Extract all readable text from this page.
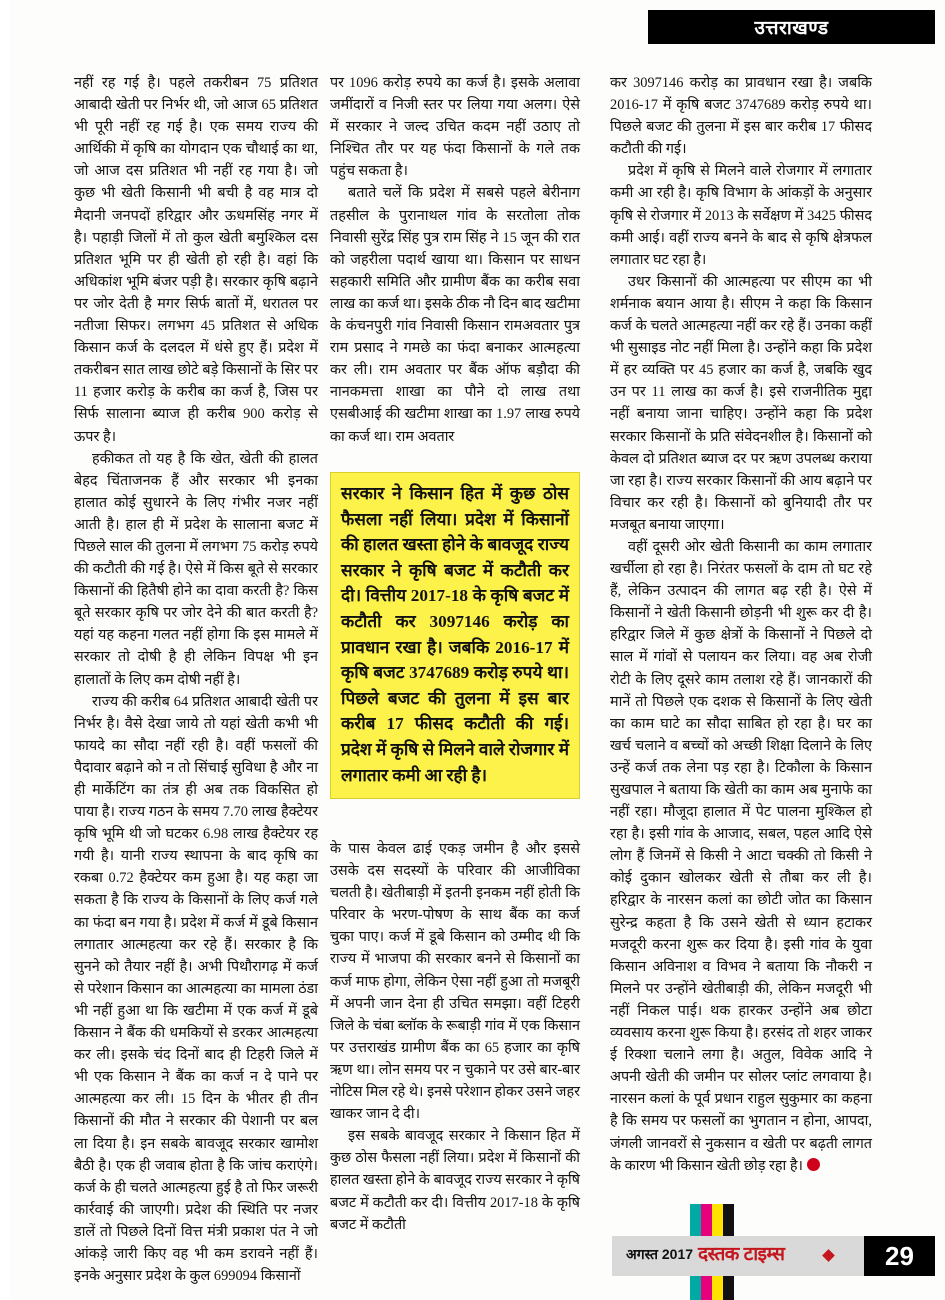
उत्तराखण्ड

नहीं रह गई है। पहले तकरीबन 75 प्रतिशत आबादी खेती पर निर्भर थी, जो आज 65 प्रतिशत भी पूरी नहीं रह गई है। एक समय राज्य की आर्थिकी में कृषि का योगदान एक चौथाई का था, जो आज दस प्रतिशत भी नहीं रह गया है। जो कुछ भी खेती किसानी भी बची है वह मात्र दो मैदानी जनपदों हरिद्वार और ऊधमसिंह नगर में है। पहाड़ी जिलों में तो कुल खेती बमुश्किल दस प्रतिशत भूमि पर ही खेती हो रही है। वहां कि अधिकांश भूमि बंजर पड़ी है। सरकार कृषि बढ़ाने पर जोर देती है मगर सिर्फ बातों में, धरातल पर नतीजा सिफर। लगभग 45 प्रतिशत से अधिक किसान कर्ज के दलदल में धंसे हुए हैं। प्रदेश में तकरीबन सात लाख छोटे बड़े किसानों के सिर पर 11 हजार करोड़ के करीब का कर्ज है, जिस पर सिर्फ सालाना ब्याज ही करीब 900 करोड़ से ऊपर है।

हकीकत तो यह है कि खेत, खेती की हालत बेहद चिंताजनक हैं और सरकार भी इनका हालात कोई सुधारने के लिए गंभीर नजर नहीं आती है। हाल ही में प्रदेश के सालाना बजट में पिछले साल की तुलना में लगभग 75 करोड़ रुपये की कटौती की गई है। ऐसे में किस बूते से सरकार किसानों की हितैषी होने का दावा करती है? किस बूते सरकार कृषि पर जोर देने की बात करती है? यहां यह कहना गलत नहीं होगा कि इस मामले में सरकार तो दोषी है ही लेकिन विपक्ष भी इन हालातों के लिए कम दोषी नहीं है।

राज्य की करीब 64 प्रतिशत आबादी खेती पर निर्भर है। वैसे देखा जाये तो यहां खेती कभी भी फायदे का सौदा नहीं रही है। वहीं फसलों की पैदावार बढ़ाने को न तो सिंचाई सुविधा है और ना ही मार्केटिंग का तंत्र ही अब तक विकसित हो पाया है। राज्य गठन के समय 7.70 लाख हैक्टेयर कृषि भूमि थी जो घटकर 6.98 लाख हैक्टेयर रह गयी है। यानी राज्य स्थापना के बाद कृषि का रकबा 0.72 हैक्टेयर कम हुआ है। यह कहा जा सकता है कि राज्य के किसानों के लिए कर्ज गले का फंदा बन गया है। प्रदेश में कर्ज में डूबे किसान लगातार आत्महत्या कर रहे हैं। सरकार है कि सुनने को तैयार नहीं है। अभी पिथौरागढ़ में कर्ज से परेशान किसान का आत्महत्या का मामला ठंडा भी नहीं हुआ था कि खटीमा में एक कर्ज में डूबे किसान ने बैंक की धमकियों से डरकर आत्महत्या कर ली। इसके चंद दिनों बाद ही टिहरी जिले में भी एक किसान ने बैंक का कर्ज न दे पाने पर आत्महत्या कर ली। 15 दिन के भीतर ही तीन किसानों की मौत ने सरकार की पेशानी पर बल ला दिया है। इन सबके बावजूद सरकार खामोश बैठी है। एक ही जवाब होता है कि जांच कराएंगे। कर्ज के ही चलते आत्महत्या हुई है तो फिर जरूरी कार्रवाई की जाएगी। प्रदेश की स्थिति पर नजर डालें तो पिछले दिनों वित्त मंत्री प्रकाश पंत ने जो आंकड़े जारी किए वह भी कम डरावने नहीं हैं। इनके अनुसार प्रदेश के कुल 699094 किसानों

पर 1096 करोड़ रुपये का कर्ज है। इसके अलावा जमींदारों व निजी स्तर पर लिया गया अलग। ऐसे में सरकार ने जल्द उचित कदम नहीं उठाए तो निश्चित तौर पर यह फंदा किसानों के गले तक पहुंच सकता है।

बताते चलें कि प्रदेश में सबसे पहले बेरीनाग तहसील के पुरानाथल गांव के सरतोला तोक निवासी सुरेंद्र सिंह पुत्र राम सिंह ने 15 जून की रात को जहरीला पदार्थ खाया था। किसान पर साधन सहकारी समिति और ग्रामीण बैंक का करीब सवा लाख का कर्ज था। इसके ठीक नौ दिन बाद खटीमा के कंचनपुरी गांव निवासी किसान रामअवतार पुत्र राम प्रसाद ने गमछे का फंदा बनाकर आत्महत्या कर ली। राम अवतार पर बैंक ऑफ बड़ौदा की नानकमत्ता शाखा का पौने दो लाख तथा एसबीआई की खटीमा शाखा का 1.97 लाख रुपये का कर्ज था। राम अवतार

सरकार ने किसान हित में कुछ ठोस फैसला नहीं लिया। प्रदेश में किसानों की हालत खस्ता होने के बावजूद राज्य सरकार ने कृषि बजट में कटौती कर दी। वित्तीय 2017-18 के कृषि बजट में कटौती कर 3097146 करोड़ का प्रावधान रखा है। जबकि 2016-17 में कृषि बजट 3747689 करोड़ रुपये था। पिछले बजट की तुलना में इस बार करीब 17 फीसद कटौती की गई। प्रदेश में कृषि से मिलने वाले रोजगार में लगातार कमी आ रही है।

के पास केवल ढाई एकड़ जमीन है और इससे उसके दस सदस्यों के परिवार की आजीविका चलती है। खेतीबाड़ी में इतनी इनकम नहीं होती कि परिवार के भरण-पोषण के साथ बैंक का कर्ज चुका पाए। कर्ज में डूबे किसान को उम्मीद थी कि राज्य में भाजपा की सरकार बनने से किसानों का कर्ज माफ होगा, लेकिन ऐसा नहीं हुआ तो मजबूरी में अपनी जान देना ही उचित समझा। वहीं टिहरी जिले के चंबा ब्लॉक के रूबाड़ी गांव में एक किसान पर उत्तराखंड ग्रामीण बैंक का 65 हजार का कृषि ऋण था। लोन समय पर न चुकाने पर उसे बार-बार नोटिस मिल रहे थे। इनसे परेशान होकर उसने जहर खाकर जान दे दी।

इस सबके बावजूद सरकार ने किसान हित में कुछ ठोस फैसला नहीं लिया। प्रदेश में किसानों की हालत खस्ता होने के बावजूद राज्य सरकार ने कृषि बजट में कटौती कर दी। वित्तीय 2017-18 के कृषि बजट में कटौती

कर 3097146 करोड़ का प्रावधान रखा है। जबकि 2016-17 में कृषि बजट 3747689 करोड़ रुपये था। पिछले बजट की तुलना में इस बार करीब 17 फीसद कटौती की गई।

प्रदेश में कृषि से मिलने वाले रोजगार में लगातार कमी आ रही है। कृषि विभाग के आंकड़ों के अनुसार कृषि से रोजगार में 2013 के सर्वेक्षण में 3425 फीसद कमी आई। वहीं राज्य बनने के बाद से कृषि क्षेत्रफल लगातार घट रहा है।

उधर किसानों की आत्महत्या पर सीएम का भी शर्मनाक बयान आया है। सीएम ने कहा कि किसान कर्ज के चलते आत्महत्या नहीं कर रहे हैं। उनका कहीं भी सुसाइड नोट नहीं मिला है। उन्होंने कहा कि प्रदेश में हर व्यक्ति पर 45 हजार का कर्ज है, जबकि खुद उन पर 11 लाख का कर्ज है। इसे राजनीतिक मुद्दा नहीं बनाया जाना चाहिए। उन्होंने कहा कि प्रदेश सरकार किसानों के प्रति संवेदनशील है। किसानों को केवल दो प्रतिशत ब्याज दर पर ऋण उपलब्ध कराया जा रहा है। राज्य सरकार किसानों की आय बढ़ाने पर विचार कर रही है। किसानों को बुनियादी तौर पर मजबूत बनाया जाएगा।

वहीं दूसरी ओर खेती किसानी का काम लगातार खर्चीला हो रहा है। निरंतर फसलों के दाम तो घट रहे हैं, लेकिन उत्पादन की लागत बढ़ रही है। ऐसे में किसानों ने खेती किसानी छोड़नी भी शुरू कर दी है। हरिद्वार जिले में कुछ क्षेत्रों के किसानों ने पिछले दो साल में गांवों से पलायन कर लिया। वह अब रोजी रोटी के लिए दूसरे काम तलाश रहे हैं। जानकारों की मानें तो पिछले एक दशक से किसानों के लिए खेती का काम घाटे का सौदा साबित हो रहा है। घर का खर्च चलाने व बच्चों को अच्छी शिक्षा दिलाने के लिए उन्हें कर्ज तक लेना पड़ रहा है। टिकौला के किसान सुखपाल ने बताया कि खेती का काम अब मुनाफे का नहीं रहा। मौजूदा हालात में पेट पालना मुश्किल हो रहा है। इसी गांव के आजाद, सबल, पहल आदि ऐसे लोग हैं जिनमें से किसी ने आटा चक्की तो किसी ने कोई दुकान खोलकर खेती से तौबा कर ली है। हरिद्वार के नारसन कलां का छोटी जोत का किसान सुरेन्द्र कहता है कि उसने खेती से ध्यान हटाकर मजदूरी करना शुरू कर दिया है। इसी गांव के युवा किसान अविनाश व विभव ने बताया कि नौकरी न मिलने पर उन्होंने खेतीबाड़ी की, लेकिन मजदूरी भी नहीं निकल पाई। थक हारकर उन्होंने अब छोटा व्यवसाय करना शुरू किया है। हरसंद तो शहर जाकर ई रिक्शा चलाने लगा है। अतुल, विवेक आदि ने अपनी खेती की जमीन पर सोलर प्लांट लगवाया है। नारसन कलां के पूर्व प्रधान राहुल सुकुमार का कहना है कि समय पर फसलों का भुगतान न होना, आपदा, जंगली जानवरों से नुकसान व खेती पर बढ़ती लागत के कारण भी किसान खेती छोड़ रहा है।

अगस्त 2017 दस्तक टाइम्स	29
